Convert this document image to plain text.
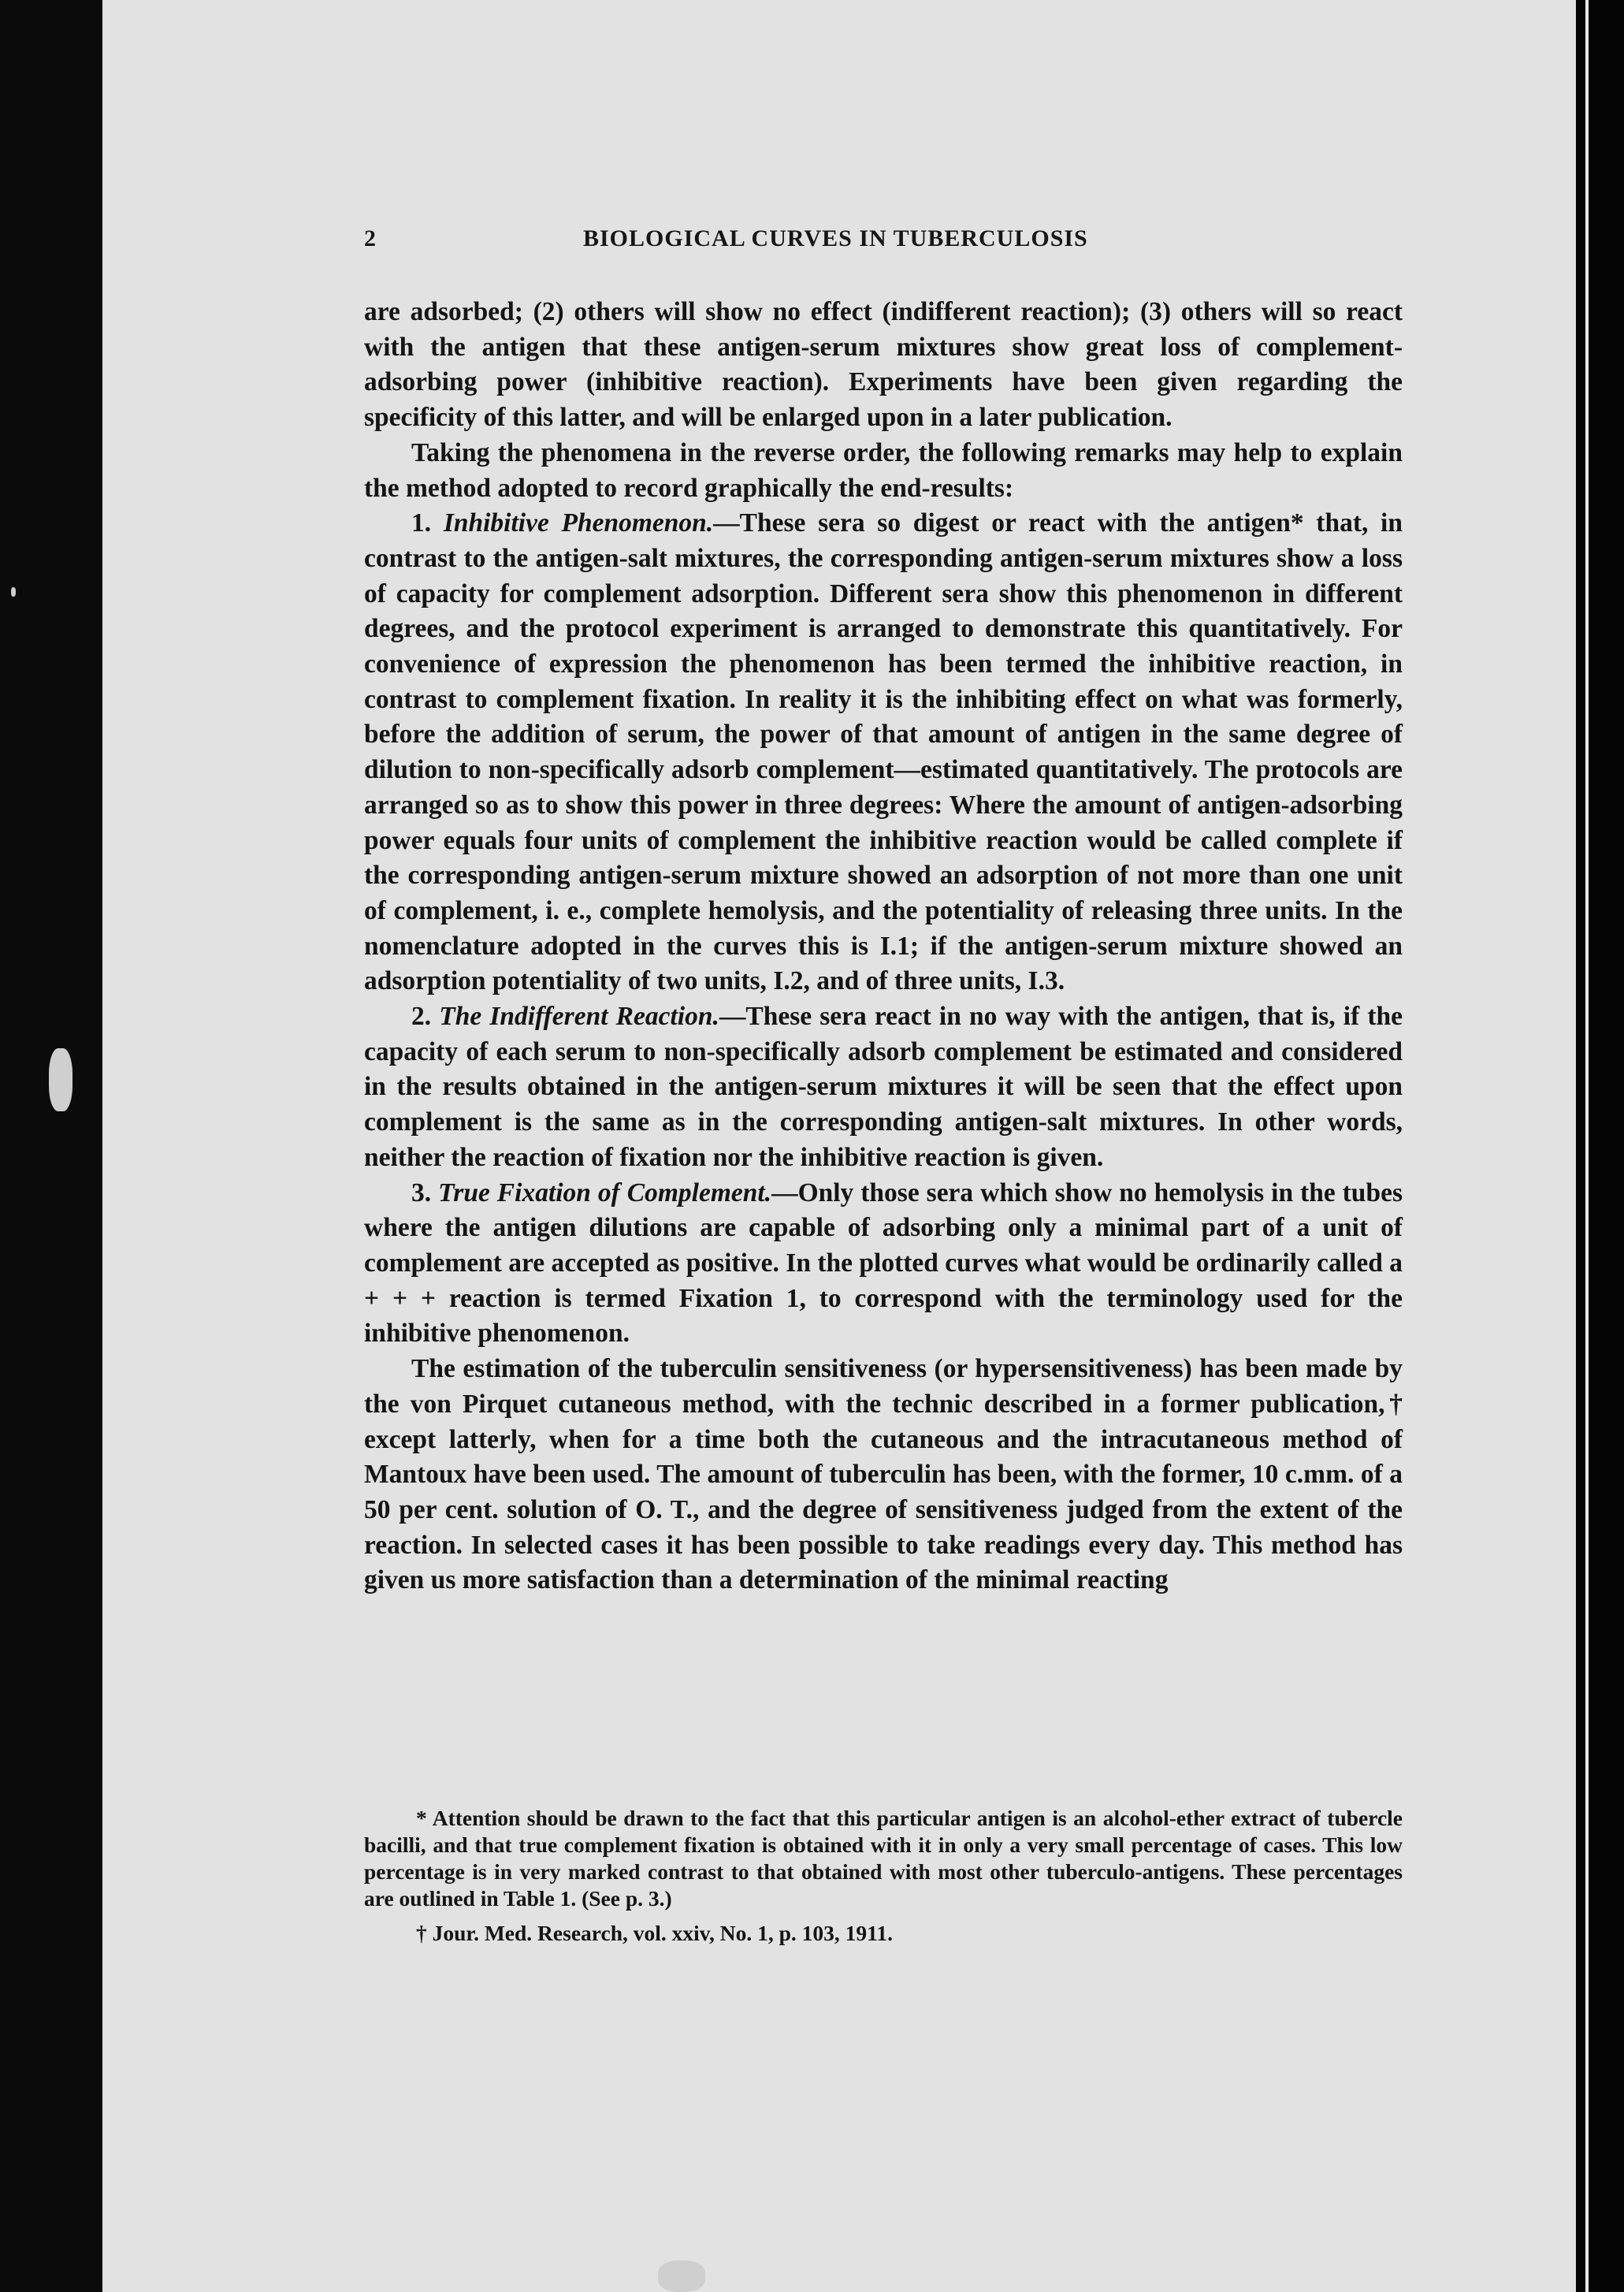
2	BIOLOGICAL CURVES IN TUBERCULOSIS

are adsorbed; (2) others will show no effect (indifferent reaction); (3) others will so react with the antigen that these antigen-serum mixtures show great loss of complement-adsorbing power (inhibitive reaction). Experiments have been given regarding the specificity of this latter, and will be enlarged upon in a later publication.

Taking the phenomena in the reverse order, the following remarks may help to explain the method adopted to record graphically the end-results:

1. Inhibitive Phenomenon.—These sera so digest or react with the antigen* that, in contrast to the antigen-salt mixtures, the corresponding antigen-serum mixtures show a loss of capacity for complement adsorption. Different sera show this phenomenon in different degrees, and the protocol experiment is arranged to demonstrate this quantitatively. For convenience of expression the phenomenon has been termed the inhibitive reaction, in contrast to complement fixation. In reality it is the inhibiting effect on what was formerly, before the addition of serum, the power of that amount of antigen in the same degree of dilution to non-specifically adsorb complement—estimated quantitatively. The protocols are arranged so as to show this power in three degrees: Where the amount of antigen-adsorbing power equals four units of complement the inhibitive reaction would be called complete if the corresponding antigen-serum mixture showed an adsorption of not more than one unit of complement, i. e., complete hemolysis, and the potentiality of releasing three units. In the nomenclature adopted in the curves this is I.1; if the antigen-serum mixture showed an adsorption potentiality of two units, I.2, and of three units, I.3.

2. The Indifferent Reaction.—These sera react in no way with the antigen, that is, if the capacity of each serum to non-specifically adsorb complement be estimated and considered in the results obtained in the antigen-serum mixtures it will be seen that the effect upon complement is the same as in the corresponding antigen-salt mixtures. In other words, neither the reaction of fixation nor the inhibitive reaction is given.

3. True Fixation of Complement.—Only those sera which show no hemolysis in the tubes where the antigen dilutions are capable of adsorbing only a minimal part of a unit of complement are accepted as positive. In the plotted curves what would be ordinarily called a + + + reaction is termed Fixation 1, to correspond with the terminology used for the inhibitive phenomenon.

The estimation of the tuberculin sensitiveness (or hypersensitiveness) has been made by the von Pirquet cutaneous method, with the technic described in a former publication,† except latterly, when for a time both the cutaneous and the intracutaneous method of Mantoux have been used. The amount of tuberculin has been, with the former, 10 c.mm. of a 50 per cent. solution of O. T., and the degree of sensitiveness judged from the extent of the reaction. In selected cases it has been possible to take readings every day. This method has given us more satisfaction than a determination of the minimal reacting

* Attention should be drawn to the fact that this particular antigen is an alcohol-ether extract of tubercle bacilli, and that true complement fixation is obtained with it in only a very small percentage of cases. This low percentage is in very marked contrast to that obtained with most other tuberculo-antigens. These percentages are outlined in Table 1. (See p. 3.)

† Jour. Med. Research, vol. xxiv, No. 1, p. 103, 1911.
